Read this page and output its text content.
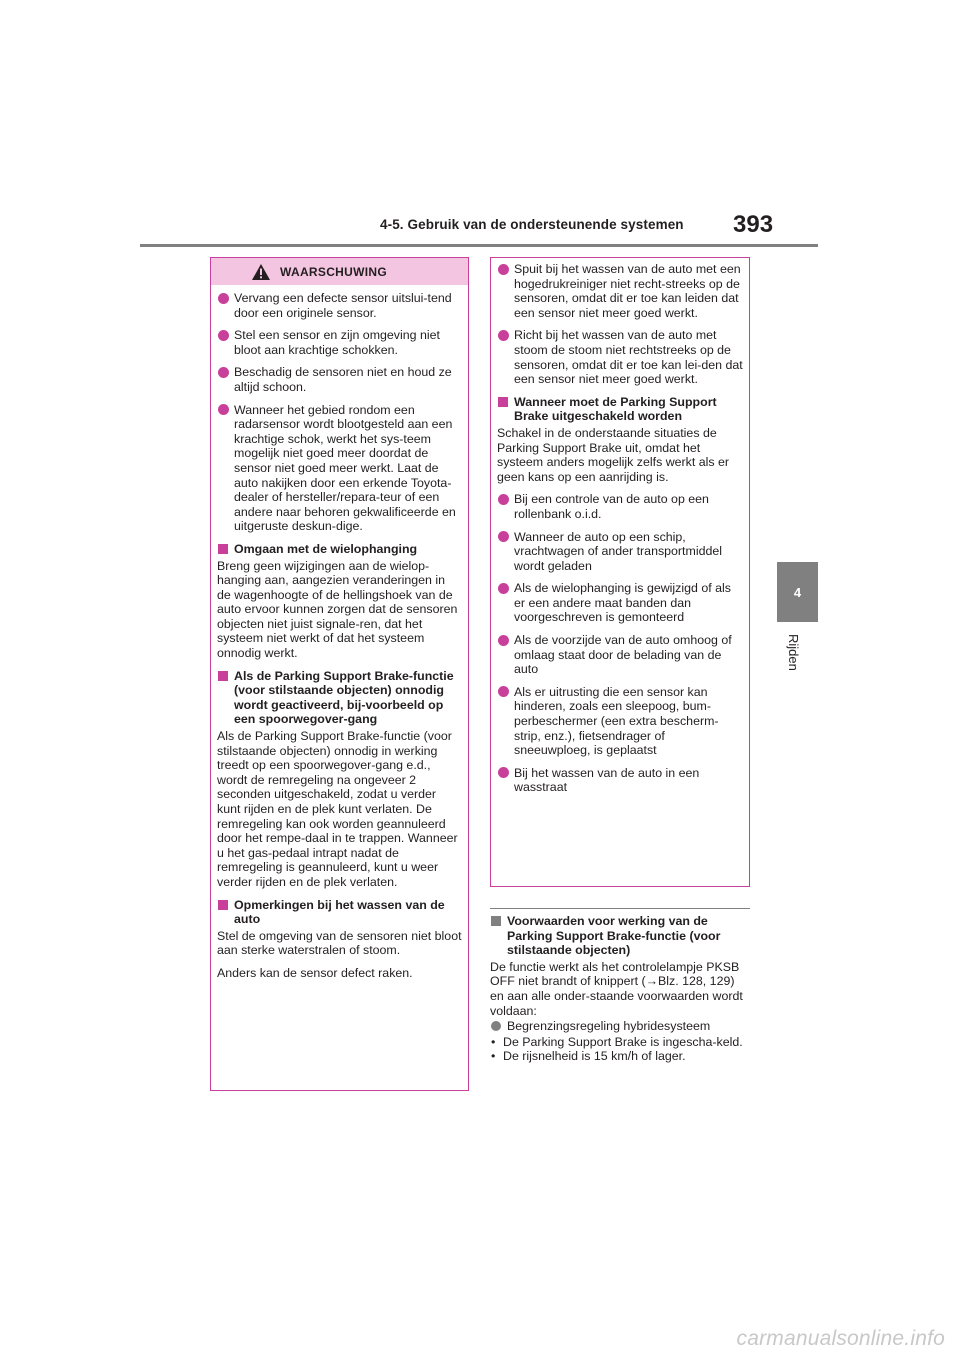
4-5. Gebruik van de ondersteunende systemen 393
4
Rijden
WAARSCHUWING
Vervang een defecte sensor uitslui-tend door een originele sensor.
Stel een sensor en zijn omgeving niet bloot aan krachtige schokken.
Beschadig de sensoren niet en houd ze altijd schoon.
Wanneer het gebied rondom een radarsensor wordt blootgesteld aan een krachtige schok, werkt het sys-teem mogelijk niet goed meer doordat de sensor niet goed meer werkt. Laat de auto nakijken door een erkende Toyota-dealer of hersteller/repara-teur of een andere naar behoren gekwalificeerde en uitgeruste deskun-dige.
Omgaan met de wielophanging
Breng geen wijzigingen aan de wielop-hanging aan, aangezien veranderingen in de wagenhoogte of de hellingshoek van de auto ervoor kunnen zorgen dat de sensoren objecten niet juist signale-ren, dat het systeem niet werkt of dat het systeem onnodig werkt.
Als de Parking Support Brake-functie (voor stilstaande objecten) onnodig wordt geactiveerd, bij-voorbeeld op een spoorwegover-gang
Als de Parking Support Brake-functie (voor stilstaande objecten) onnodig in werking treedt op een spoorwegover-gang e.d., wordt de remregeling na ongeveer 2 seconden uitgeschakeld, zodat u verder kunt rijden en de plek kunt verlaten. De remregeling kan ook worden geannuleerd door het rempe-daal in te trappen. Wanneer u het gas-pedaal intrapt nadat de remregeling is geannuleerd, kunt u weer verder rijden en de plek verlaten.
Opmerkingen bij het wassen van de auto
Stel de omgeving van de sensoren niet bloot aan sterke waterstralen of stoom.
Anders kan de sensor defect raken.
Spuit bij het wassen van de auto met een hogedrukreiniger niet recht-streeks op de sensoren, omdat dit er toe kan leiden dat een sensor niet meer goed werkt.
Richt bij het wassen van de auto met stoom de stoom niet rechtstreeks op de sensoren, omdat dit er toe kan lei-den dat een sensor niet meer goed werkt.
Wanneer moet de Parking Support Brake uitgeschakeld worden
Schakel in de onderstaande situaties de Parking Support Brake uit, omdat het systeem anders mogelijk zelfs werkt als er geen kans op een aanrijding is.
Bij een controle van de auto op een rollenbank o.i.d.
Wanneer de auto op een schip, vrachtwagen of ander transportmiddel wordt geladen
Als de wielophanging is gewijzigd of als er een andere maat banden dan voorgeschreven is gemonteerd
Als de voorzijde van de auto omhoog of omlaag staat door de belading van de auto
Als er uitrusting die een sensor kan hinderen, zoals een sleepoog, bum-perbeschermer (een extra bescherm-strip, enz.), fietsendrager of sneeuwploeg, is geplaatst
Bij het wassen van de auto in een wasstraat
Voorwaarden voor werking van de Parking Support Brake-functie (voor stilstaande objecten)
De functie werkt als het controlelampje PKSB OFF niet brandt of knippert (→Blz. 128, 129) en aan alle onder-staande voorwaarden wordt voldaan:
Begrenzingsregeling hybridesysteem
• De Parking Support Brake is ingescha-keld.
• De rijsnelheid is 15 km/h of lager.
carmanualsonline.info
